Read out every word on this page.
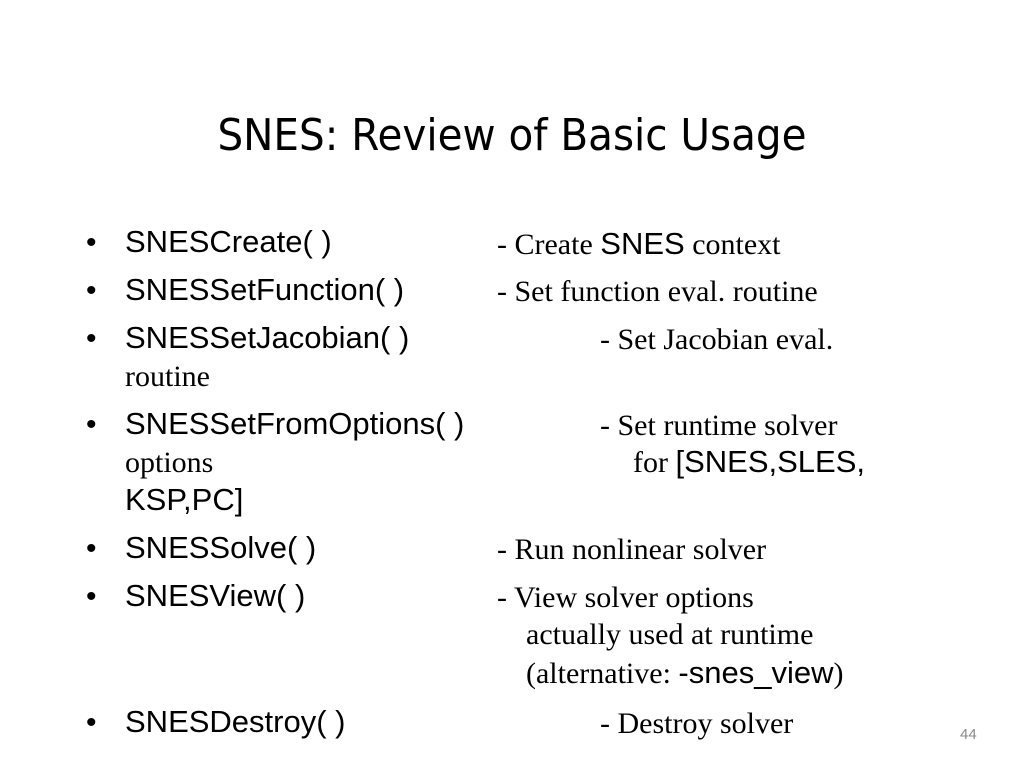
SNES: Review of Basic Usage
• SNESCreate( )	- Create SNES context
• SNESSetFunction( )	- Set function eval. routine
• SNESSetJacobian( )	- Set Jacobian eval.
routine
• SNESSetFromOptions( )	- Set runtime solver
options	for [SNES,SLES,
KSP,PC]
• SNESSolve( )	- Run nonlinear solver
• SNESView( )	- View solver options
actually used at runtime
(alternative: -snes_view)
• SNESDestroy( )	- Destroy solver	44
